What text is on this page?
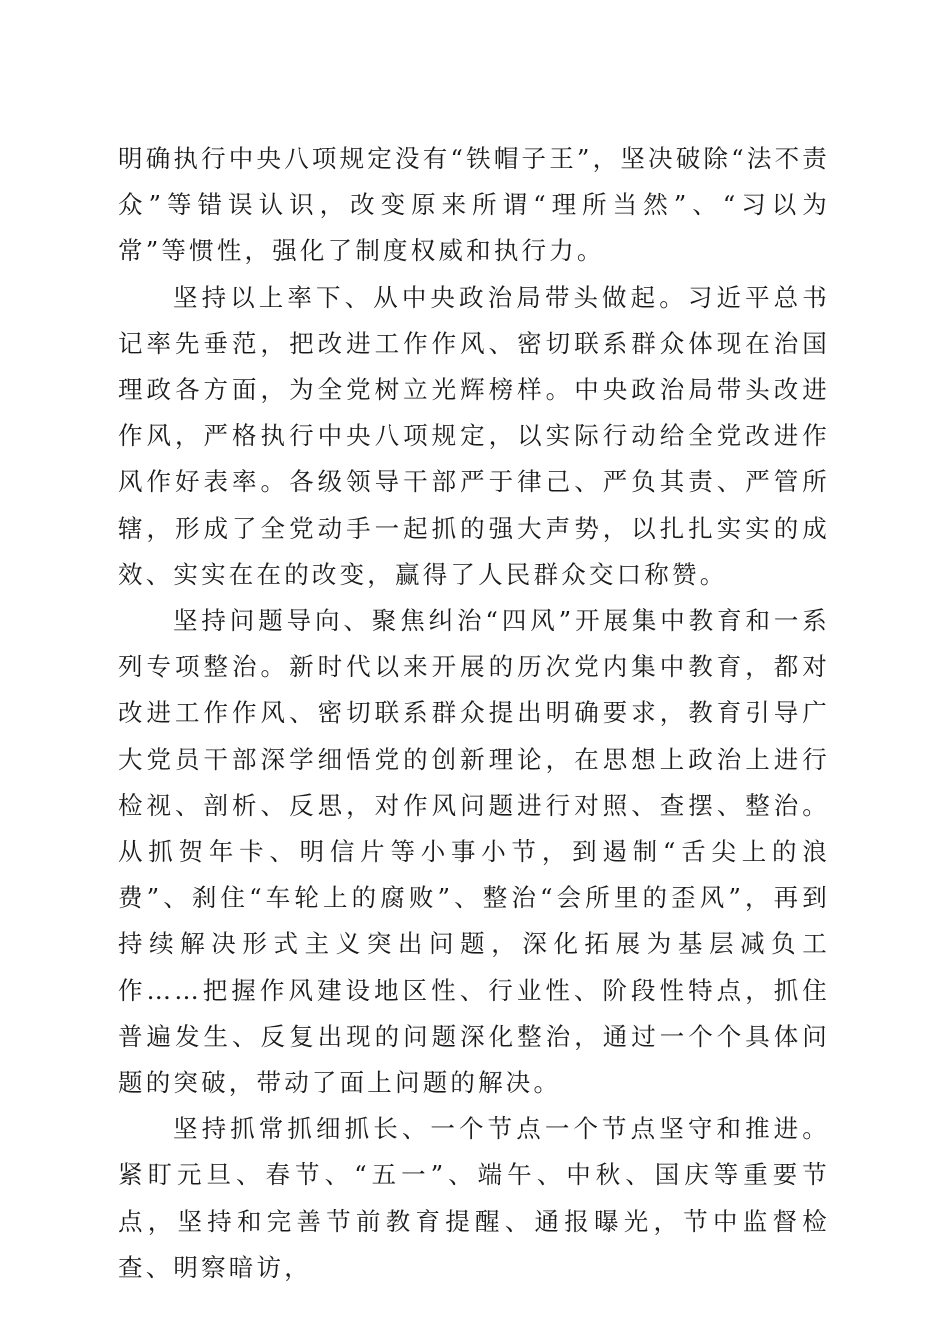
明确执行中央八项规定没有“铁帽子王”，坚决破除“法不责众”等错误认识，改变原来所谓“理所当然”、“习以为常”等惯性，强化了制度权威和执行力。

坚持以上率下、从中央政治局带头做起。习近平总书记率先垂范，把改进工作作风、密切联系群众体现在治国理政各方面，为全党树立光辉榜样。中央政治局带头改进作风，严格执行中央八项规定，以实际行动给全党改进作风作好表率。各级领导干部严于律己、严负其责、严管所辖，形成了全党动手一起抓的强大声势，以扎扎实实的成效、实实在在的改变，赢得了人民群众交口称赞。

坚持问题导向、聚焦纠治“四风”开展集中教育和一系列专项整治。新时代以来开展的历次党内集中教育，都对改进工作作风、密切联系群众提出明确要求，教育引导广大党员干部深学细悟党的创新理论，在思想上政治上进行检视、剖析、反思，对作风问题进行对照、查摆、整治。从抓贺年卡、明信片等小事小节，到遏制“舌尖上的浪费”、刹住“车轮上的腐败”、整治“会所里的歪风”，再到持续解决形式主义突出问题，深化拓展为基层减负工作……把握作风建设地区性、行业性、阶段性特点，抓住普遍发生、反复出现的问题深化整治，通过一个个具体问题的突破，带动了面上问题的解决。

坚持抓常抓细抓长、一个节点一个节点坚守和推进。紧盯元旦、春节、“五一”、端午、中秋、国庆等重要节点，坚持和完善节前教育提醒、通报曝光，节中监督检查、明察暗访，
